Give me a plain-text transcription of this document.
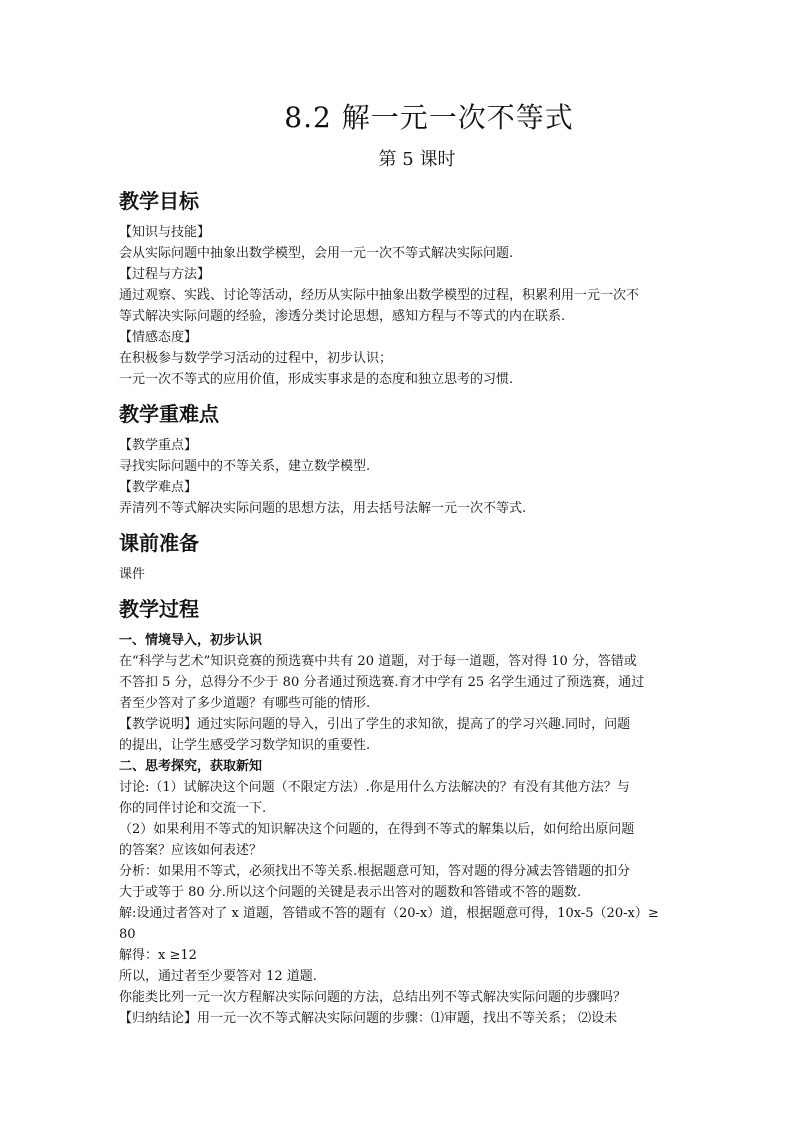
8.2 解一元一次不等式
第 5 课时
教学目标

【知识与技能】

会从实际问题中抽象出数学模型，会用一元一次不等式解决实际问题.

【过程与方法】

通过观察、实践、讨论等活动，经历从实际中抽象出数学模型的过程，积累利用一元一次不

等式解决实际问题的经验，渗透分类讨论思想，感知方程与不等式的内在联系.

【情感态度】

在积极参与数学学习活动的过程中，初步认识；

一元一次不等式的应用价值，形成实事求是的态度和独立思考的习惯.

教学重难点

【教学重点】

寻找实际问题中的不等关系，建立数学模型.

【教学难点】

弄清列不等式解决实际问题的思想方法，用去括号法解一元一次不等式.

课前准备

课件

教学过程

一、情境导入，初步认识

在“科学与艺术”知识竞赛的预选赛中共有 20 道题，对于每一道题，答对得 10 分，答错或

不答扣 5 分，总得分不少于 80 分者通过预选赛.育才中学有 25 名学生通过了预选赛，通过

者至少答对了多少道题？有哪些可能的情形.

【教学说明】通过实际问题的导入，引出了学生的求知欲，提高了的学习兴趣.同时，问题

的提出，让学生感受学习数学知识的重要性.

二、思考探究，获取新知

讨论:（1）试解决这个问题（不限定方法）.你是用什么方法解决的？有没有其他方法？与

你的同伴讨论和交流一下.

（2）如果利用不等式的知识解决这个问题的，在得到不等式的解集以后，如何给出原问题

的答案？应该如何表述？

分析：如果用不等式，必须找出不等关系.根据题意可知，答对题的得分减去答错题的扣分

大于或等于 80 分.所以这个问题的关键是表示出答对的题数和答错或不答的题数.

解:设通过者答对了 x 道题，答错或不答的题有（20-x）道，根据题意可得，10x-5（20-x）≥

80

解得：x ≥12

所以，通过者至少要答对 12 道题.

你能类比列一元一次方程解决实际问题的方法，总结出列不等式解决实际问题的步骤吗？

【归纳结论】用一元一次不等式解决实际问题的步骤：⑴审题，找出不等关系； ⑵设未
